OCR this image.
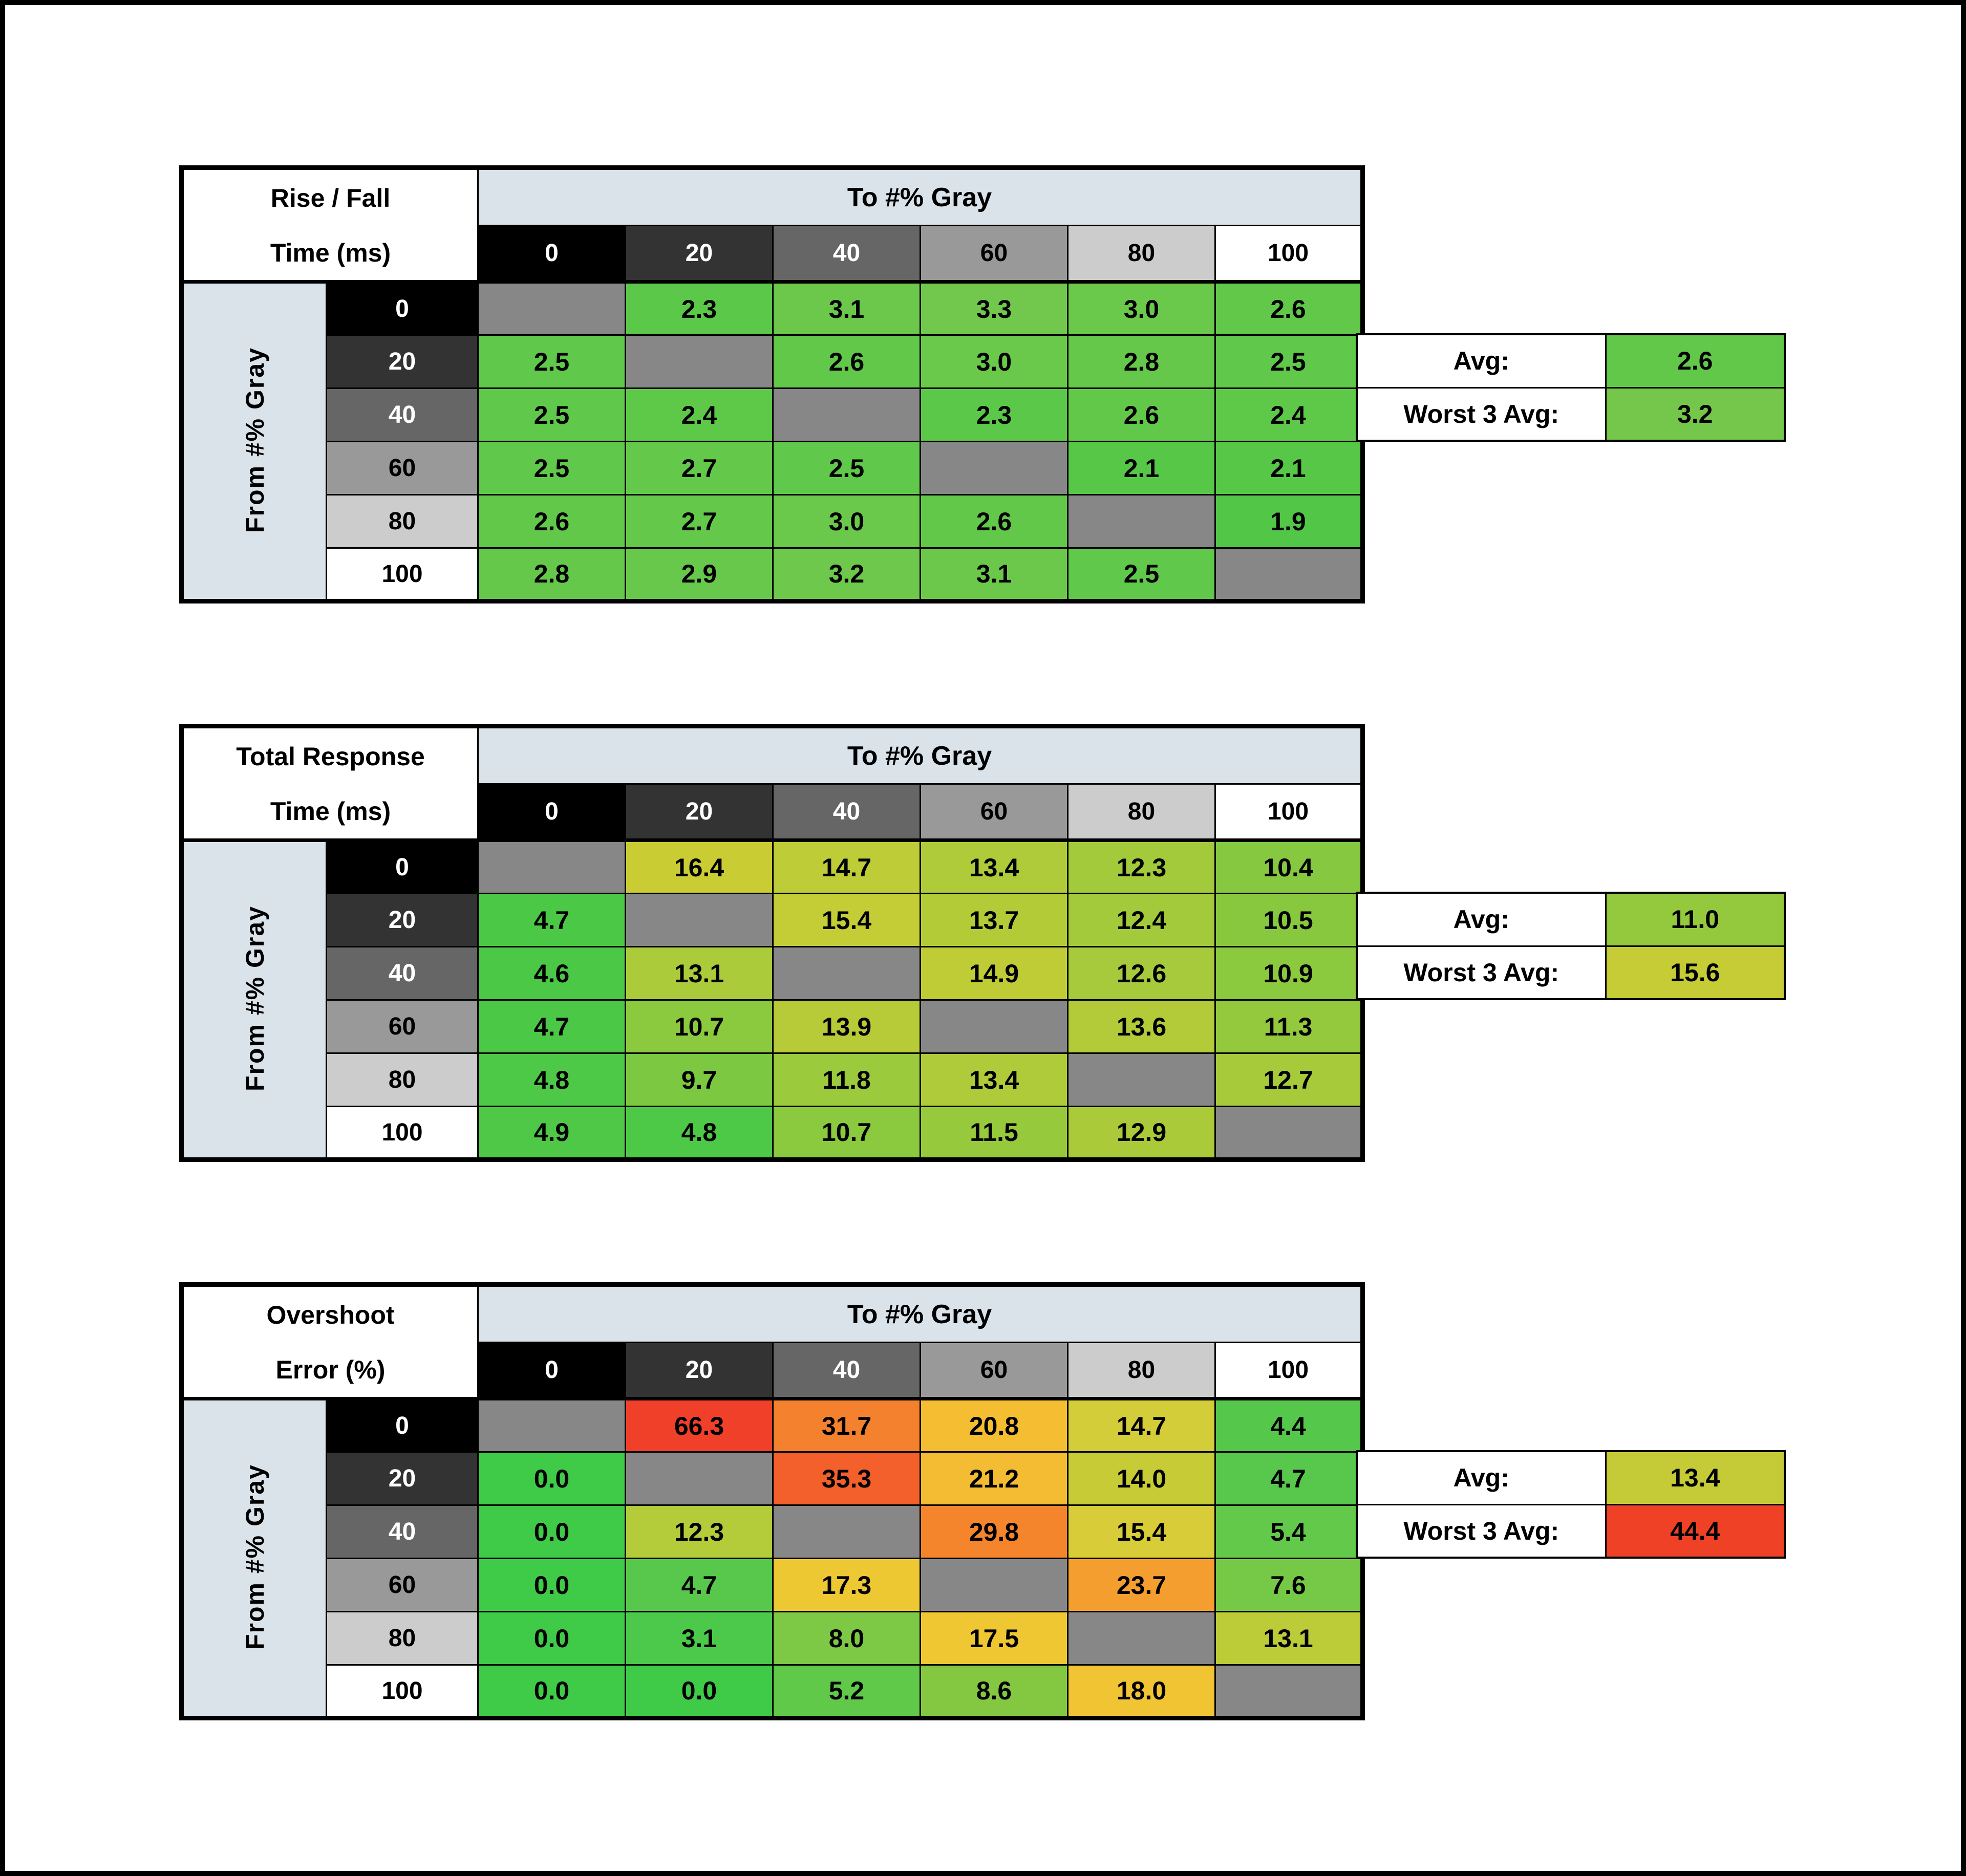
Rise / Fall
Time (ms)		To #% Gray					
		0	20	40	60	80	100
From #% Gray	0		2.3	3.1	3.3	3.0	2.6
	20	2.5		2.6	3.0	2.8	2.5
	40	2.5	2.4		2.3	2.6	2.4
	60	2.5	2.7	2.5		2.1	2.1
	80	2.6	2.7	3.0	2.6		1.9
	100	2.8	2.9	3.2	3.1	2.5	
Avg:	2.6
Worst 3 Avg:	3.2
Total Response
Time (ms)		To #% Gray					
		0	20	40	60	80	100
From #% Gray	0		16.4	14.7	13.4	12.3	10.4
	20	4.7		15.4	13.7	12.4	10.5
	40	4.6	13.1		14.9	12.6	10.9
	60	4.7	10.7	13.9		13.6	11.3
	80	4.8	9.7	11.8	13.4		12.7
	100	4.9	4.8	10.7	11.5	12.9	
Avg:	11.0
Worst 3 Avg:	15.6
Overshoot
Error (%)		To #% Gray					
		0	20	40	60	80	100
From #% Gray	0		66.3	31.7	20.8	14.7	4.4
	20	0.0		35.3	21.2	14.0	4.7
	40	0.0	12.3		29.8	15.4	5.4
	60	0.0	4.7	17.3		23.7	7.6
	80	0.0	3.1	8.0	17.5		13.1
	100	0.0	0.0	5.2	8.6	18.0	
Avg:	13.4
Worst 3 Avg:	44.4
